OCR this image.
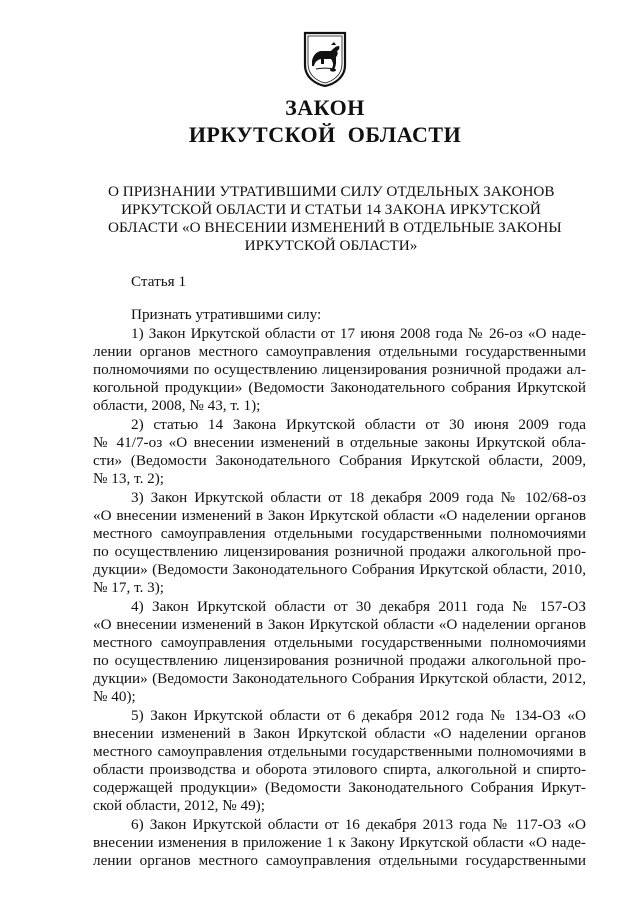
ЗАКОН
ИРКУТСКОЙ ОБЛАСТИ
О ПРИЗНАНИИ УТРАТИВШИМИ СИЛУ ОТДЕЛЬНЫХ ЗАКОНОВ
ИРКУТСКОЙ ОБЛАСТИ И СТАТЬИ 14 ЗАКОНА ИРКУТСКОЙ
ОБЛАСТИ «О ВНЕСЕНИИ ИЗМЕНЕНИЙ В ОТДЕЛЬНЫЕ ЗАКОНЫ
ИРКУТСКОЙ ОБЛАСТИ»
Статья 1
Признать утратившими силу:
1) Закон Иркутской области от 17 июня 2008 года № 26-оз «О наде-
лении органов местного самоуправления отдельными государственными
полномочиями по осуществлению лицензирования розничной продажи ал-
когольной продукции» (Ведомости Законодательного собрания Иркутской
области, 2008, № 43, т. 1);
2) статью 14 Закона Иркутской области от 30 июня 2009 года
№ 41/7-оз «О внесении изменений в отдельные законы Иркутской обла-
сти» (Ведомости Законодательного Собрания Иркутской области, 2009,
№ 13, т. 2);
3) Закон Иркутской области от 18 декабря 2009 года № 102/68-оз
«О внесении изменений в Закон Иркутской области «О наделении органов
местного самоуправления отдельными государственными полномочиями
по осуществлению лицензирования розничной продажи алкогольной про-
дукции» (Ведомости Законодательного Собрания Иркутской области, 2010,
№ 17, т. 3);
4) Закон Иркутской области от 30 декабря 2011 года № 157-ОЗ
«О внесении изменений в Закон Иркутской области «О наделении органов
местного самоуправления отдельными государственными полномочиями
по осуществлению лицензирования розничной продажи алкогольной про-
дукции» (Ведомости Законодательного Собрания Иркутской области, 2012,
№ 40);
5) Закон Иркутской области от 6 декабря 2012 года № 134-ОЗ «О
внесении изменений в Закон Иркутской области «О наделении органов
местного самоуправления отдельными государственными полномочиями в
области производства и оборота этилового спирта, алкогольной и спирто-
содержащей продукции» (Ведомости Законодательного Собрания Иркут-
ской области, 2012, № 49);
6) Закон Иркутской области от 16 декабря 2013 года № 117-ОЗ «О
внесении изменения в приложение 1 к Закону Иркутской области «О наде-
лении органов местного самоуправления отдельными государственными
